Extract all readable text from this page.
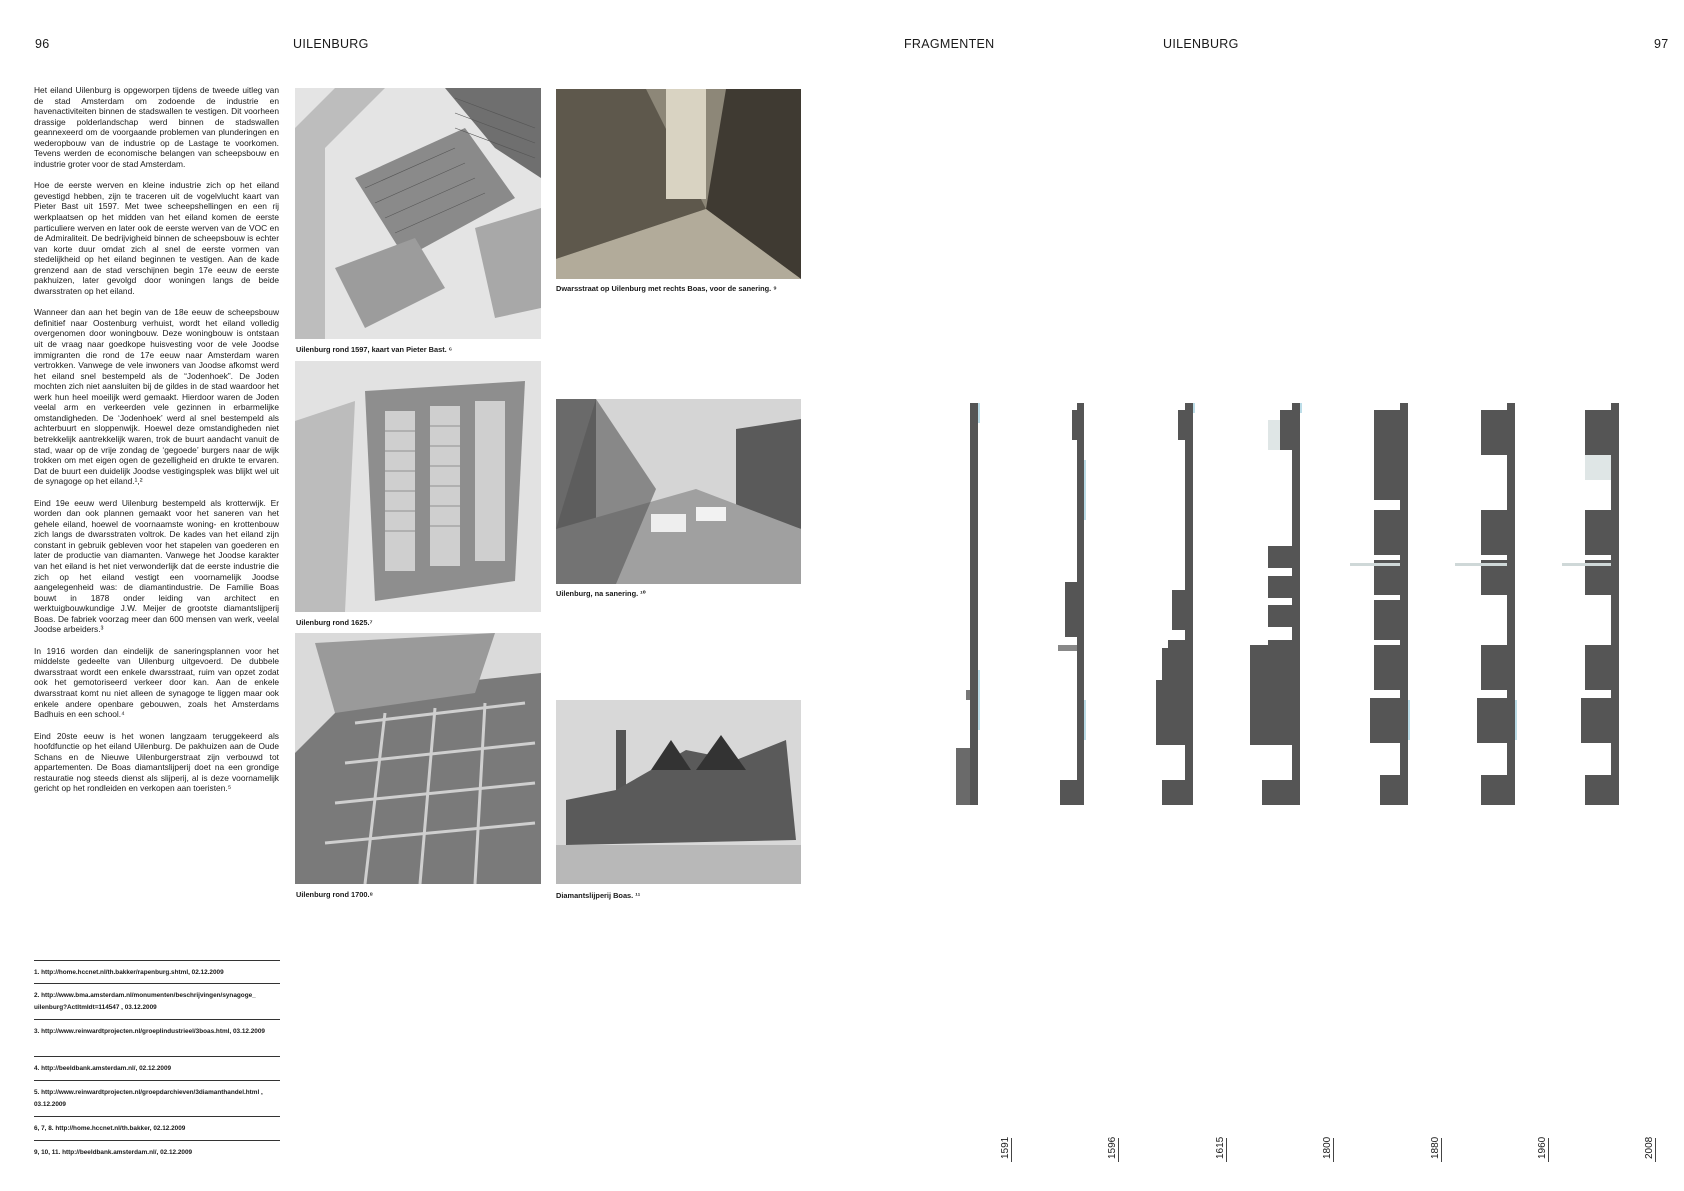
96	UILENBURG	FRAGMENTEN	UILENBURG	97

Het eiland Uilenburg is opgeworpen tijdens de tweede uitleg van de stad Amsterdam om zodoende de industrie en havenactiviteiten binnen de stadswallen te vestigen. Dit voorheen drassige polderlandschap werd binnen de stadswallen geannexeerd om de voorgaande problemen van plunderingen en wederopbouw van de industrie op de Lastage te voorkomen. Tevens werden de economische belangen van scheepsbouw en industrie groter voor de stad Amsterdam.

Hoe de eerste werven en kleine industrie zich op het eiland gevestigd hebben, zijn te traceren uit de vogelvlucht kaart van Pieter Bast uit 1597. Met twee scheepshellingen en een rij werkplaatsen op het midden van het eiland komen de eerste particuliere werven en later ook de eerste werven van de VOC en de Admiraliteit. De bedrijvigheid binnen de scheepsbouw is echter van korte duur omdat zich al snel de eerste vormen van stedelijkheid op het eiland beginnen te vestigen. Aan de kade grenzend aan de stad verschijnen begin 17e eeuw de eerste pakhuizen, later gevolgd door woningen langs de beide dwarsstraten op het eiland.

Wanneer dan aan het begin van de 18e eeuw de scheepsbouw definitief naar Oostenburg verhuist, wordt het eiland volledig overgenomen door woningbouw. Deze woningbouw is ontstaan uit de vraag naar goedkope huisvesting voor de vele Joodse immigranten die rond de 17e eeuw naar Amsterdam waren vertrokken. Vanwege de vele inwoners van Joodse afkomst werd het eiland snel bestempeld als de “Jodenhoek”. De Joden mochten zich niet aansluiten bij de gildes in de stad waardoor het werk hun heel moeilijk werd gemaakt. Hierdoor waren de Joden veelal arm en verkeerden vele gezinnen in erbarmelijke omstandigheden. De ‘Jodenhoek’ werd al snel bestempeld als achterbuurt en sloppenwijk. Hoewel deze omstandigheden niet betrekkelijk aantrekkelijk waren, trok de buurt aandacht vanuit de stad, waar op de vrije zondag de ‘gegoede’ burgers naar de wijk trokken om met eigen ogen de gezelligheid en drukte te ervaren. Dat de buurt een duidelijk Joodse vestigingsplek was blijkt wel uit de synagoge op het eiland.¹,²

Eind 19e eeuw werd Uilenburg bestempeld als krotterwijk. Er worden dan ook plannen gemaakt voor het saneren van het gehele eiland, hoewel de voornaamste woning- en krottenbouw zich langs de dwarsstraten voltrok. De kades van het eiland zijn constant in gebruik gebleven voor het stapelen van goederen en later de productie van diamanten. Vanwege het Joodse karakter van het eiland is het niet verwonderlijk dat de eerste industrie die zich op het eiland vestigt een voornamelijk Joodse aangelegenheid was: de diamantindustrie. De Familie Boas bouwt in 1878 onder leiding van architect en werktuigbouwkundige J.W. Meijer de grootste diamantslijperij Boas. De fabriek voorzag meer dan 600 mensen van werk, veelal Joodse arbeiders.³

In 1916 worden dan eindelijk de saneringsplannen voor het middelste gedeelte van Uilenburg uitgevoerd. De dubbele dwarsstraat wordt een enkele dwarsstraat, ruim van opzet zodat ook het gemotoriseerd verkeer door kan. Aan de enkele dwarsstraat komt nu niet alleen de synagoge te liggen maar ook enkele andere openbare gebouwen, zoals het Amsterdams Badhuis en een school.⁴

Eind 20ste eeuw is het wonen langzaam teruggekeerd als hoofdfunctie op het eiland Uilenburg. De pakhuizen aan de Oude Schans en de Nieuwe Uilenburgerstraat zijn verbouwd tot appartementen. De Boas diamantslijperij doet na een grondige restauratie nog steeds dienst als slijperij, al is deze voornamelijk gericht op het rondleiden en verkopen aan toeristen.⁵

Uilenburg rond 1597, kaart van Pieter Bast. ⁶
Uilenburg rond 1625.⁷
Uilenburg rond 1700.⁸
Dwarsstraat op Uilenburg met rechts Boas, voor de sanering. ⁹
Uilenburg, na sanering. ¹⁰
Diamantslijperij Boas. ¹¹
1. http://home.hccnet.nl/th.bakker/rapenburg.shtml, 02.12.2009
2. http://www.bma.amsterdam.nl/monumenten/beschrijvingen/synagoge_ uilenburg?ActItmIdt=114547 , 03.12.2009
3. http://www.reinwardtprojecten.nl/groepIindustrieel/3boas.html, 03.12.2009
4. http://beeldbank.amsterdam.nl/, 02.12.2009
5. http://www.reinwardtprojecten.nl/groepdarchieven/3diamanthandel.html , 03.12.2009
6, 7, 8. http://home.hccnet.nl/th.bakker, 02.12.2009
9, 10, 11. http://beeldbank.amsterdam.nl/, 02.12.2009	1591	1596	1615	1800	1880	1960	2008
